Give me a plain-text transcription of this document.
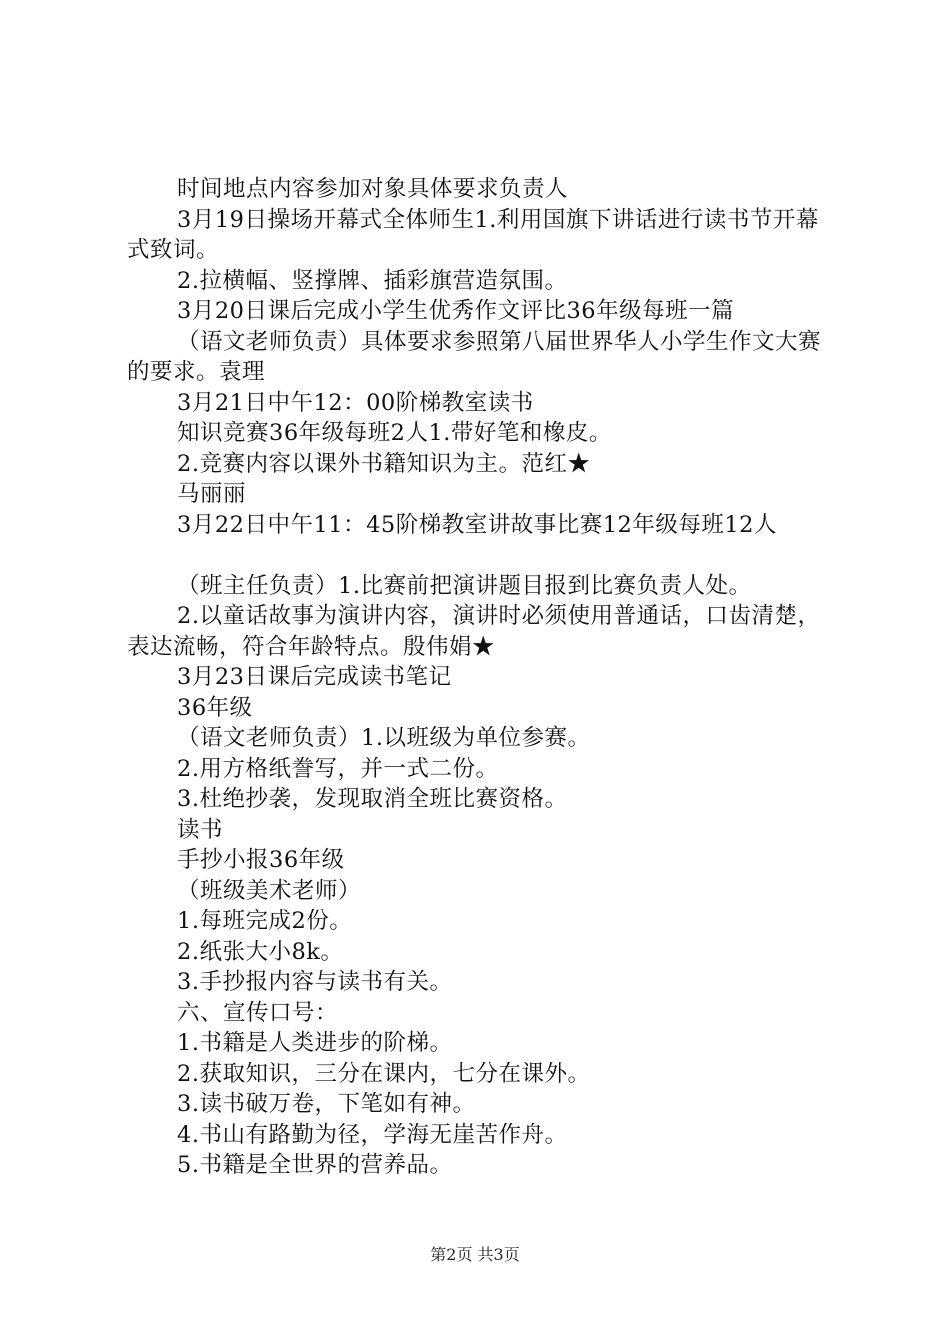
时间地点内容参加对象具体要求负责人
3月19日操场开幕式全体师生1.利用国旗下讲话进行读书节开幕式致词。
2.拉横幅、竖撑牌、插彩旗营造氛围。
3月20日课后完成小学生优秀作文评比36年级每班一篇
（语文老师负责）具体要求参照第八届世界华人小学生作文大赛的要求。袁理
3月21日中午12：00阶梯教室读书
知识竞赛36年级每班2人1.带好笔和橡皮。
2.竞赛内容以课外书籍知识为主。范红★
马丽丽
3月22日中午11：45阶梯教室讲故事比赛12年级每班12人
（班主任负责）1.比赛前把演讲题目报到比赛负责人处。
2.以童话故事为演讲内容，演讲时必须使用普通话，口齿清楚，表达流畅，符合年龄特点。殷伟娟★
3月23日课后完成读书笔记
36年级
（语文老师负责）1.以班级为单位参赛。
2.用方格纸誊写，并一式二份。
3.杜绝抄袭，发现取消全班比赛资格。
读书
手抄小报36年级
（班级美术老师）
1.每班完成2份。
2.纸张大小8k。
3.手抄报内容与读书有关。
六、宣传口号：
1.书籍是人类进步的阶梯。
2.获取知识，三分在课内，七分在课外。
3.读书破万卷，下笔如有神。
4.书山有路勤为径，学海无崖苦作舟。
5.书籍是全世界的营养品。
第2页 共3页
